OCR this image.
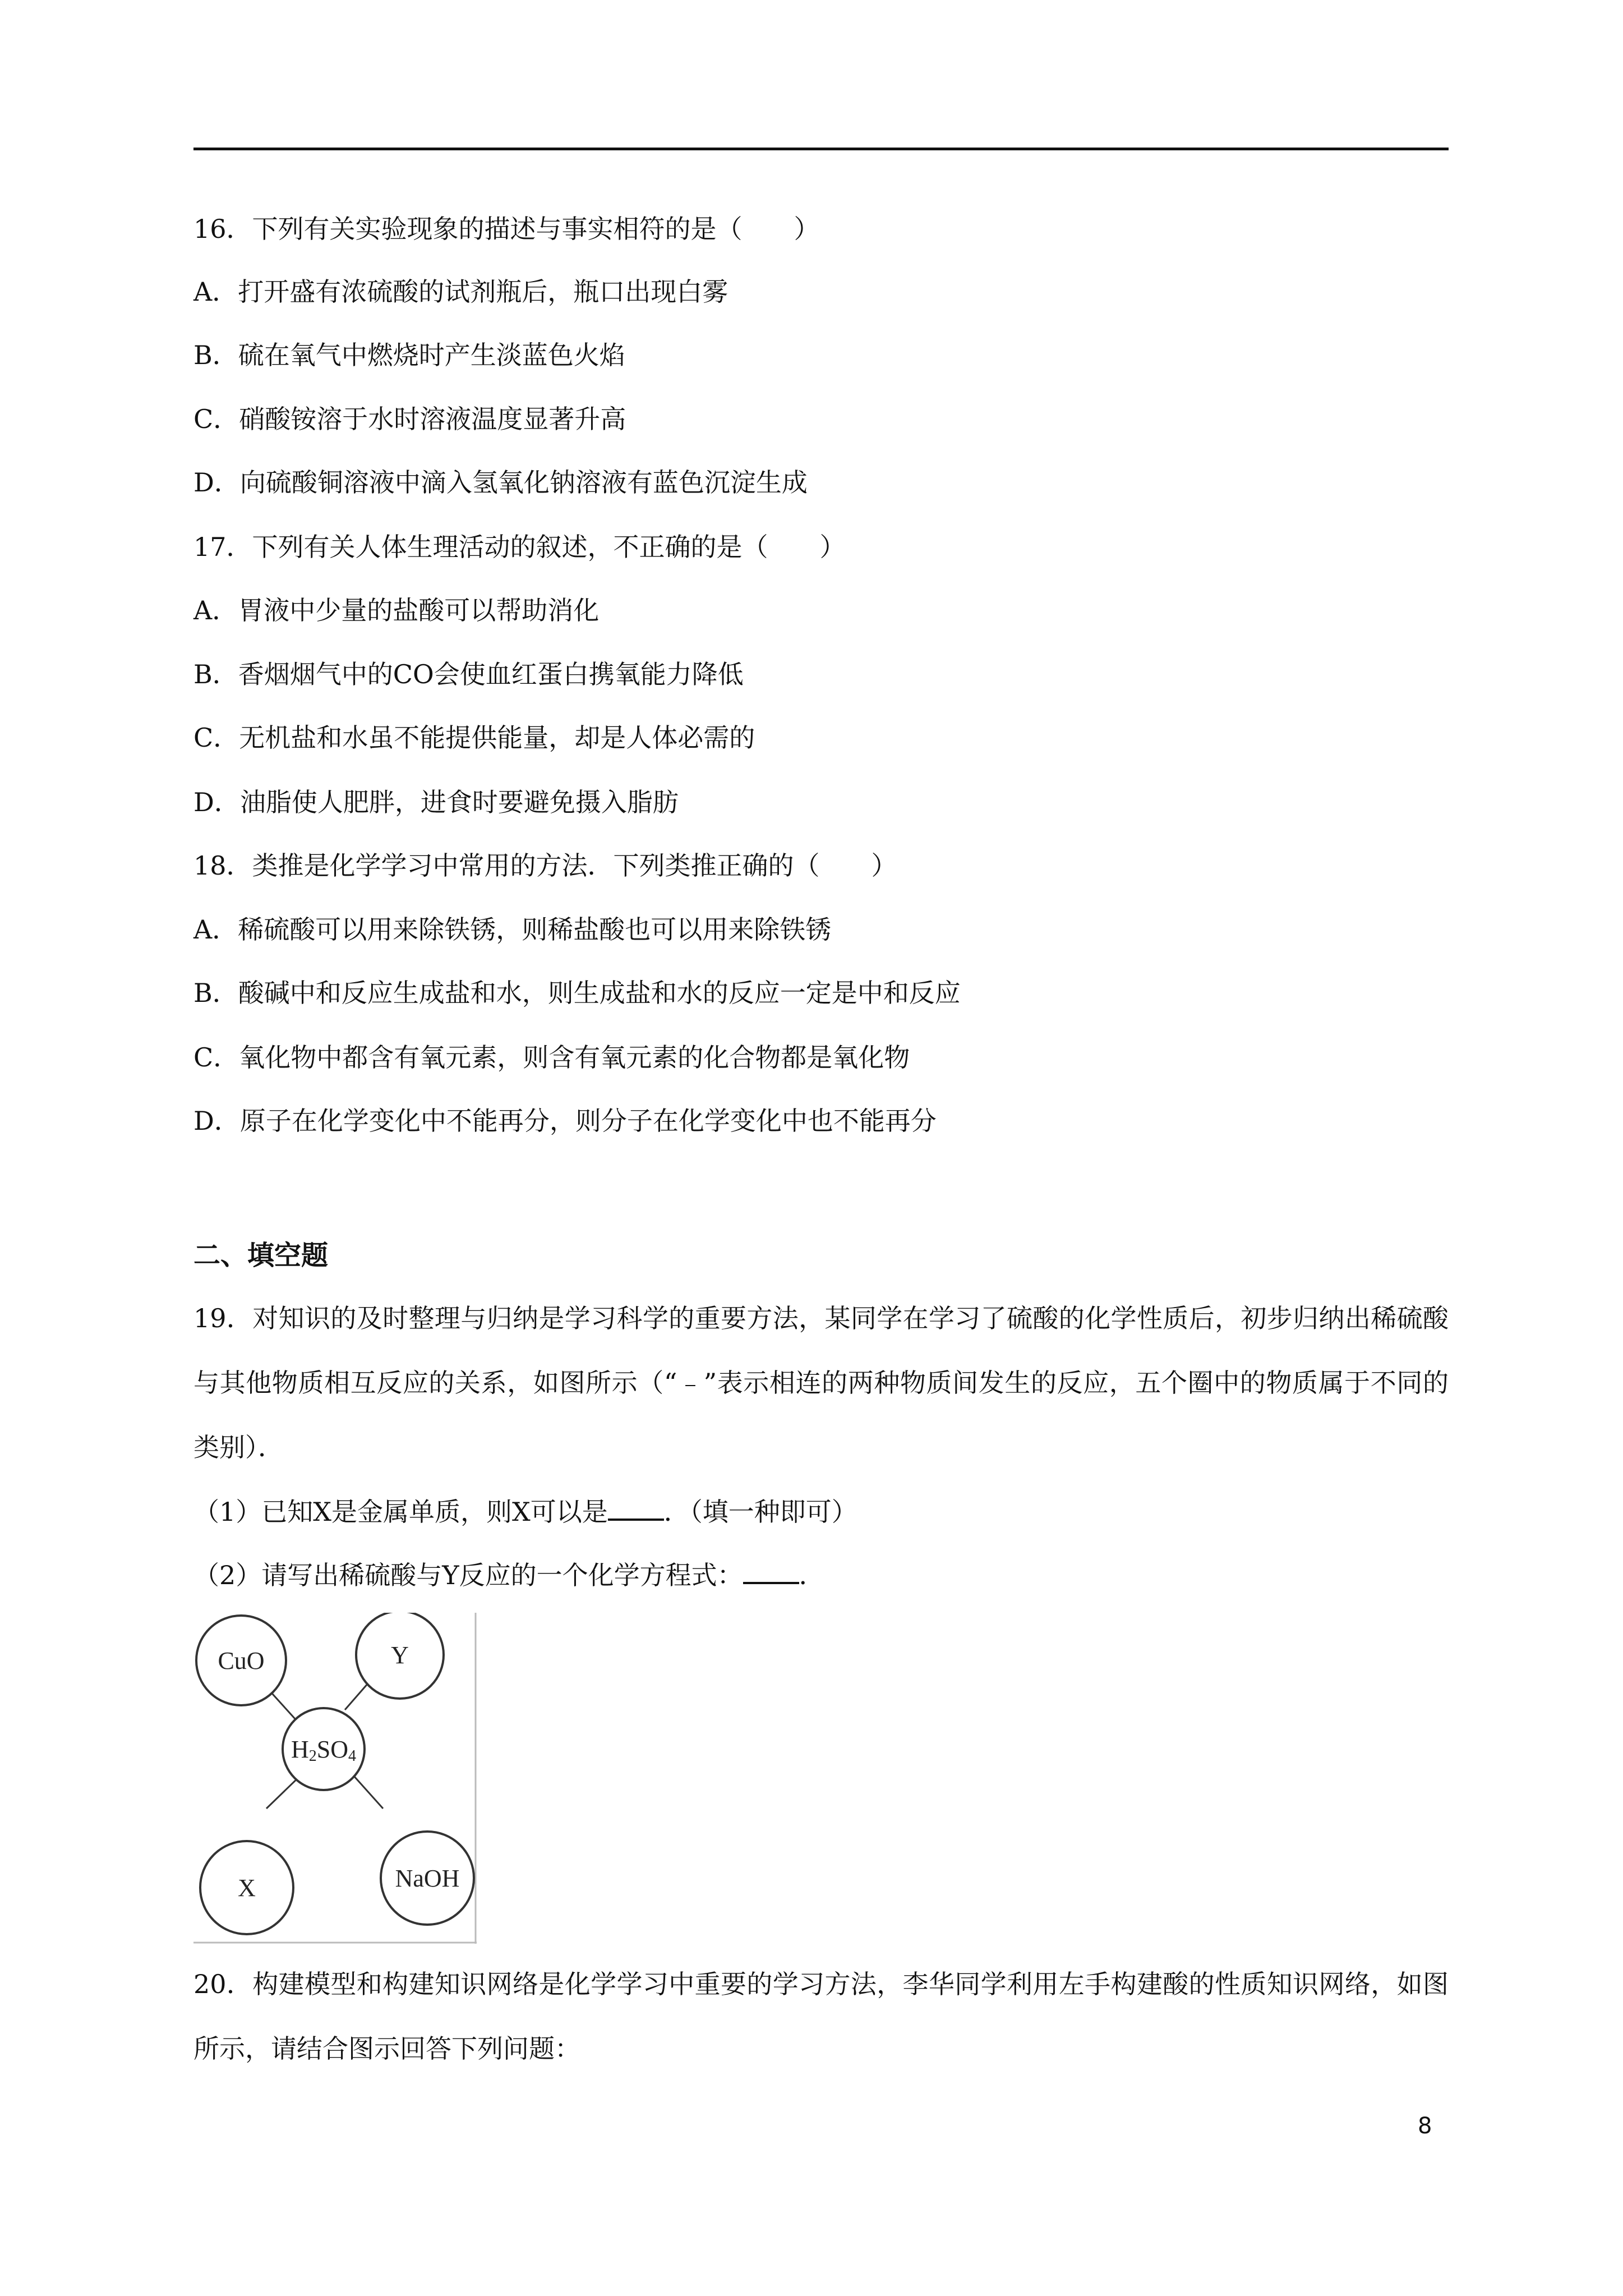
16．下列有关实验现象的描述与事实相符的是（　　）
A．打开盛有浓硫酸的试剂瓶后，瓶口出现白雾
B．硫在氧气中燃烧时产生淡蓝色火焰
C．硝酸铵溶于水时溶液温度显著升高
D．向硫酸铜溶液中滴入氢氧化钠溶液有蓝色沉淀生成
17．下列有关人体生理活动的叙述，不正确的是（　　）
A．胃液中少量的盐酸可以帮助消化
B．香烟烟气中的CO会使血红蛋白携氧能力降低
C．无机盐和水虽不能提供能量，却是人体必需的
D．油脂使人肥胖，进食时要避免摄入脂肪
18．类推是化学学习中常用的方法．下列类推正确的（　　）
A．稀硫酸可以用来除铁锈，则稀盐酸也可以用来除铁锈
B．酸碱中和反应生成盐和水，则生成盐和水的反应一定是中和反应
C．氧化物中都含有氧元素，则含有氧元素的化合物都是氧化物
D．原子在化学变化中不能再分，则分子在化学变化中也不能再分
二、填空题
19．对知识的及时整理与归纳是学习科学的重要方法，某同学在学习了硫酸的化学性质后，初步归纳出稀硫酸与其他物质相互反应的关系，如图所示（“﹣”表示相连的两种物质间发生的反应，五个圈中的物质属于不同的类别）．
（1）已知X是金属单质，则X可以是 ．（填一种即可）
（2）请写出稀硫酸与Y反应的一个化学方程式： ．
H2SO4
CuO	Y
X	NaOH
20．构建模型和构建知识网络是化学学习中重要的学习方法，李华同学利用左手构建酸的性质知识网络，如图所示，请结合图示回答下列问题：
8
